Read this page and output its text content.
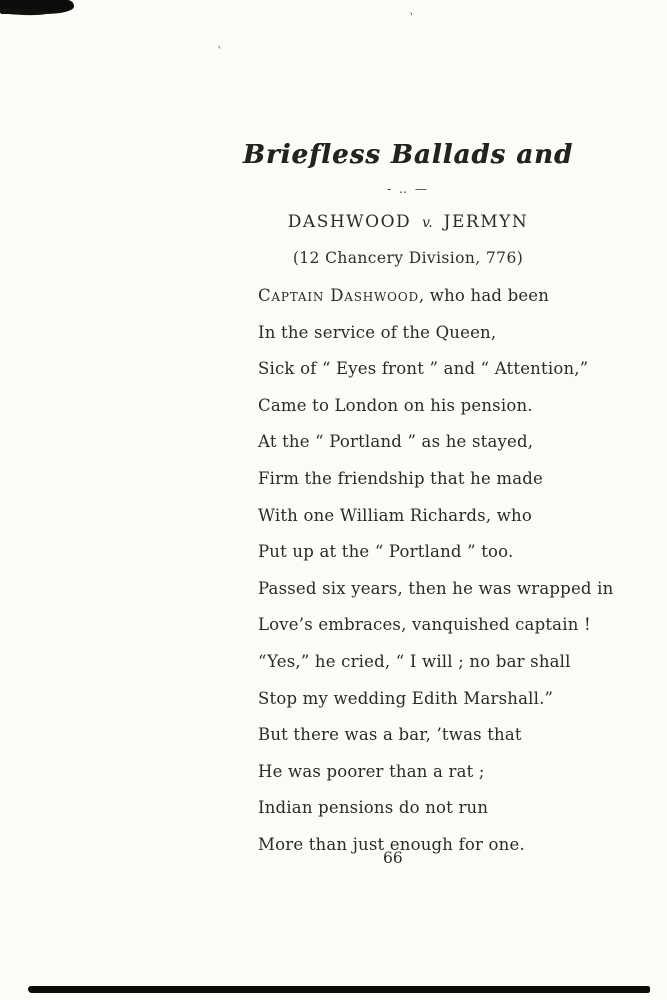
ˋ
`
Briefless Ballads and
- ‥ —
DASHWOOD v. JERMYN
(12 Chancery Division, 776)
Captain Dashwood, who had been
In the service of the Queen,
Sick of “ Eyes front ” and “ Attention,”
Came to London on his pension.
At the “ Portland ” as he stayed,
Firm the friendship that he made
With one William Richards, who
Put up at the “ Portland ” too.
Passed six years, then he was wrapped in
Love’s embraces, vanquished captain !
“Yes,” he cried, “ I will ; no bar shall
Stop my wedding Edith Marshall.”
But there was a bar, ’twas that
He was poorer than a rat ;
Indian pensions do not run
More than just enough for one.
66
